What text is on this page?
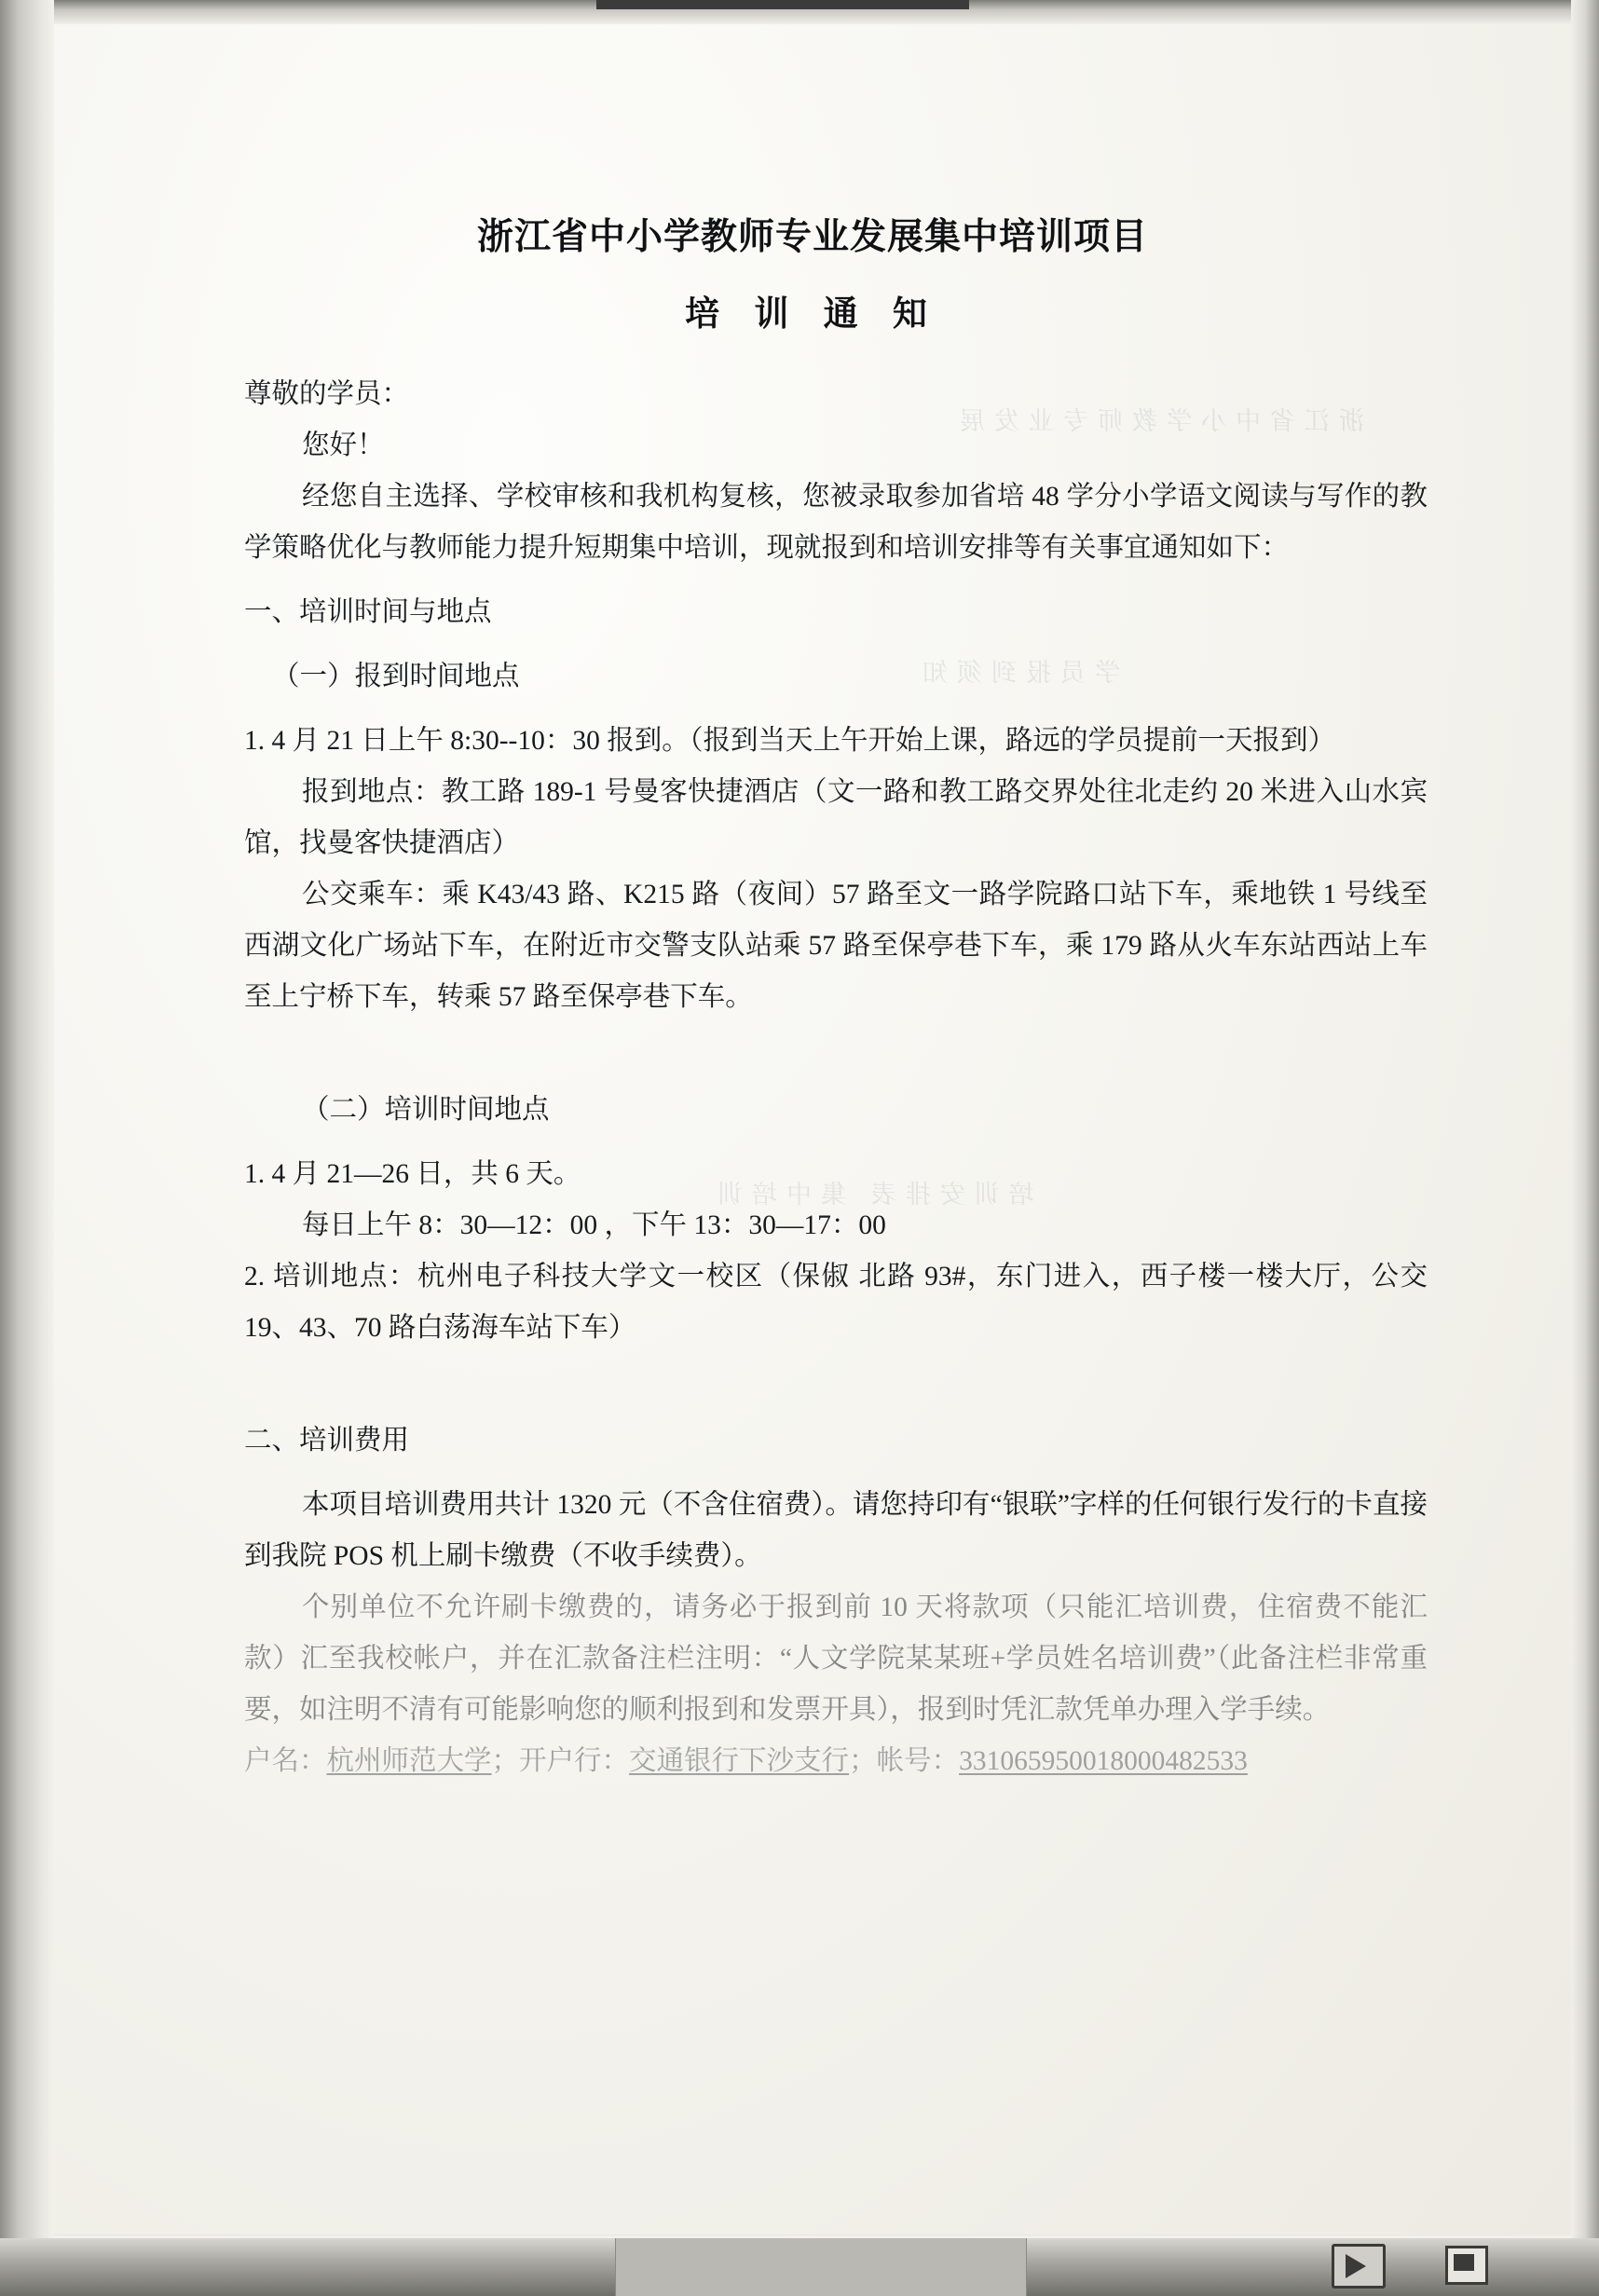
浙江省中小学教师专业发展集中培训项目
培 训 通 知

尊敬的学员：

您好！

经您自主选择、学校审核和我机构复核，您被录取参加省培 48 学分小学语文阅读与写作的教学策略优化与教师能力提升短期集中培训，现就报到和培训安排等有关事宜通知如下：

一、培训时间与地点

（一）报到时间地点

1. 4 月 21 日上午 8:30--10：30 报到。（报到当天上午开始上课，路远的学员提前一天报到）

报到地点：教工路 189-1 号曼客快捷酒店（文一路和教工路交界处往北走约 20 米进入山水宾馆，找曼客快捷酒店）

公交乘车：乘 K43/43 路、K215 路（夜间）57 路至文一路学院路口站下车，乘地铁 1 号线至西湖文化广场站下车，在附近市交警支队站乘 57 路至保亭巷下车，乘 179 路从火车东站西站上车至上宁桥下车，转乘 57 路至保亭巷下车。

（二）培训时间地点

1. 4 月 21—26 日，共 6 天。

每日上午 8：30—12：00 ，下午 13：30—17：00

2. 培训地点：杭州电子科技大学文一校区（保俶 北路 93#，东门进入，西子楼一楼大厅，公交 19、43、70 路白荡海车站下车）

二、培训费用

本项目培训费用共计 1320 元（不含住宿费）。请您持印有“银联”字样的任何银行发行的卡直接到我院 POS 机上刷卡缴费（不收手续费）。

个别单位不允许刷卡缴费的，请务必于报到前 10 天将款项（只能汇培训费，住宿费不能汇款）汇至我校帐户，并在汇款备注栏注明：“人文学院某某班+学员姓名培训费”（此备注栏非常重要，如注明不清有可能影响您的顺利报到和发票开具），报到时凭汇款凭单办理入学手续。

户名：杭州师范大学；开户行：交通银行下沙支行；帐号：331065950018000482533
